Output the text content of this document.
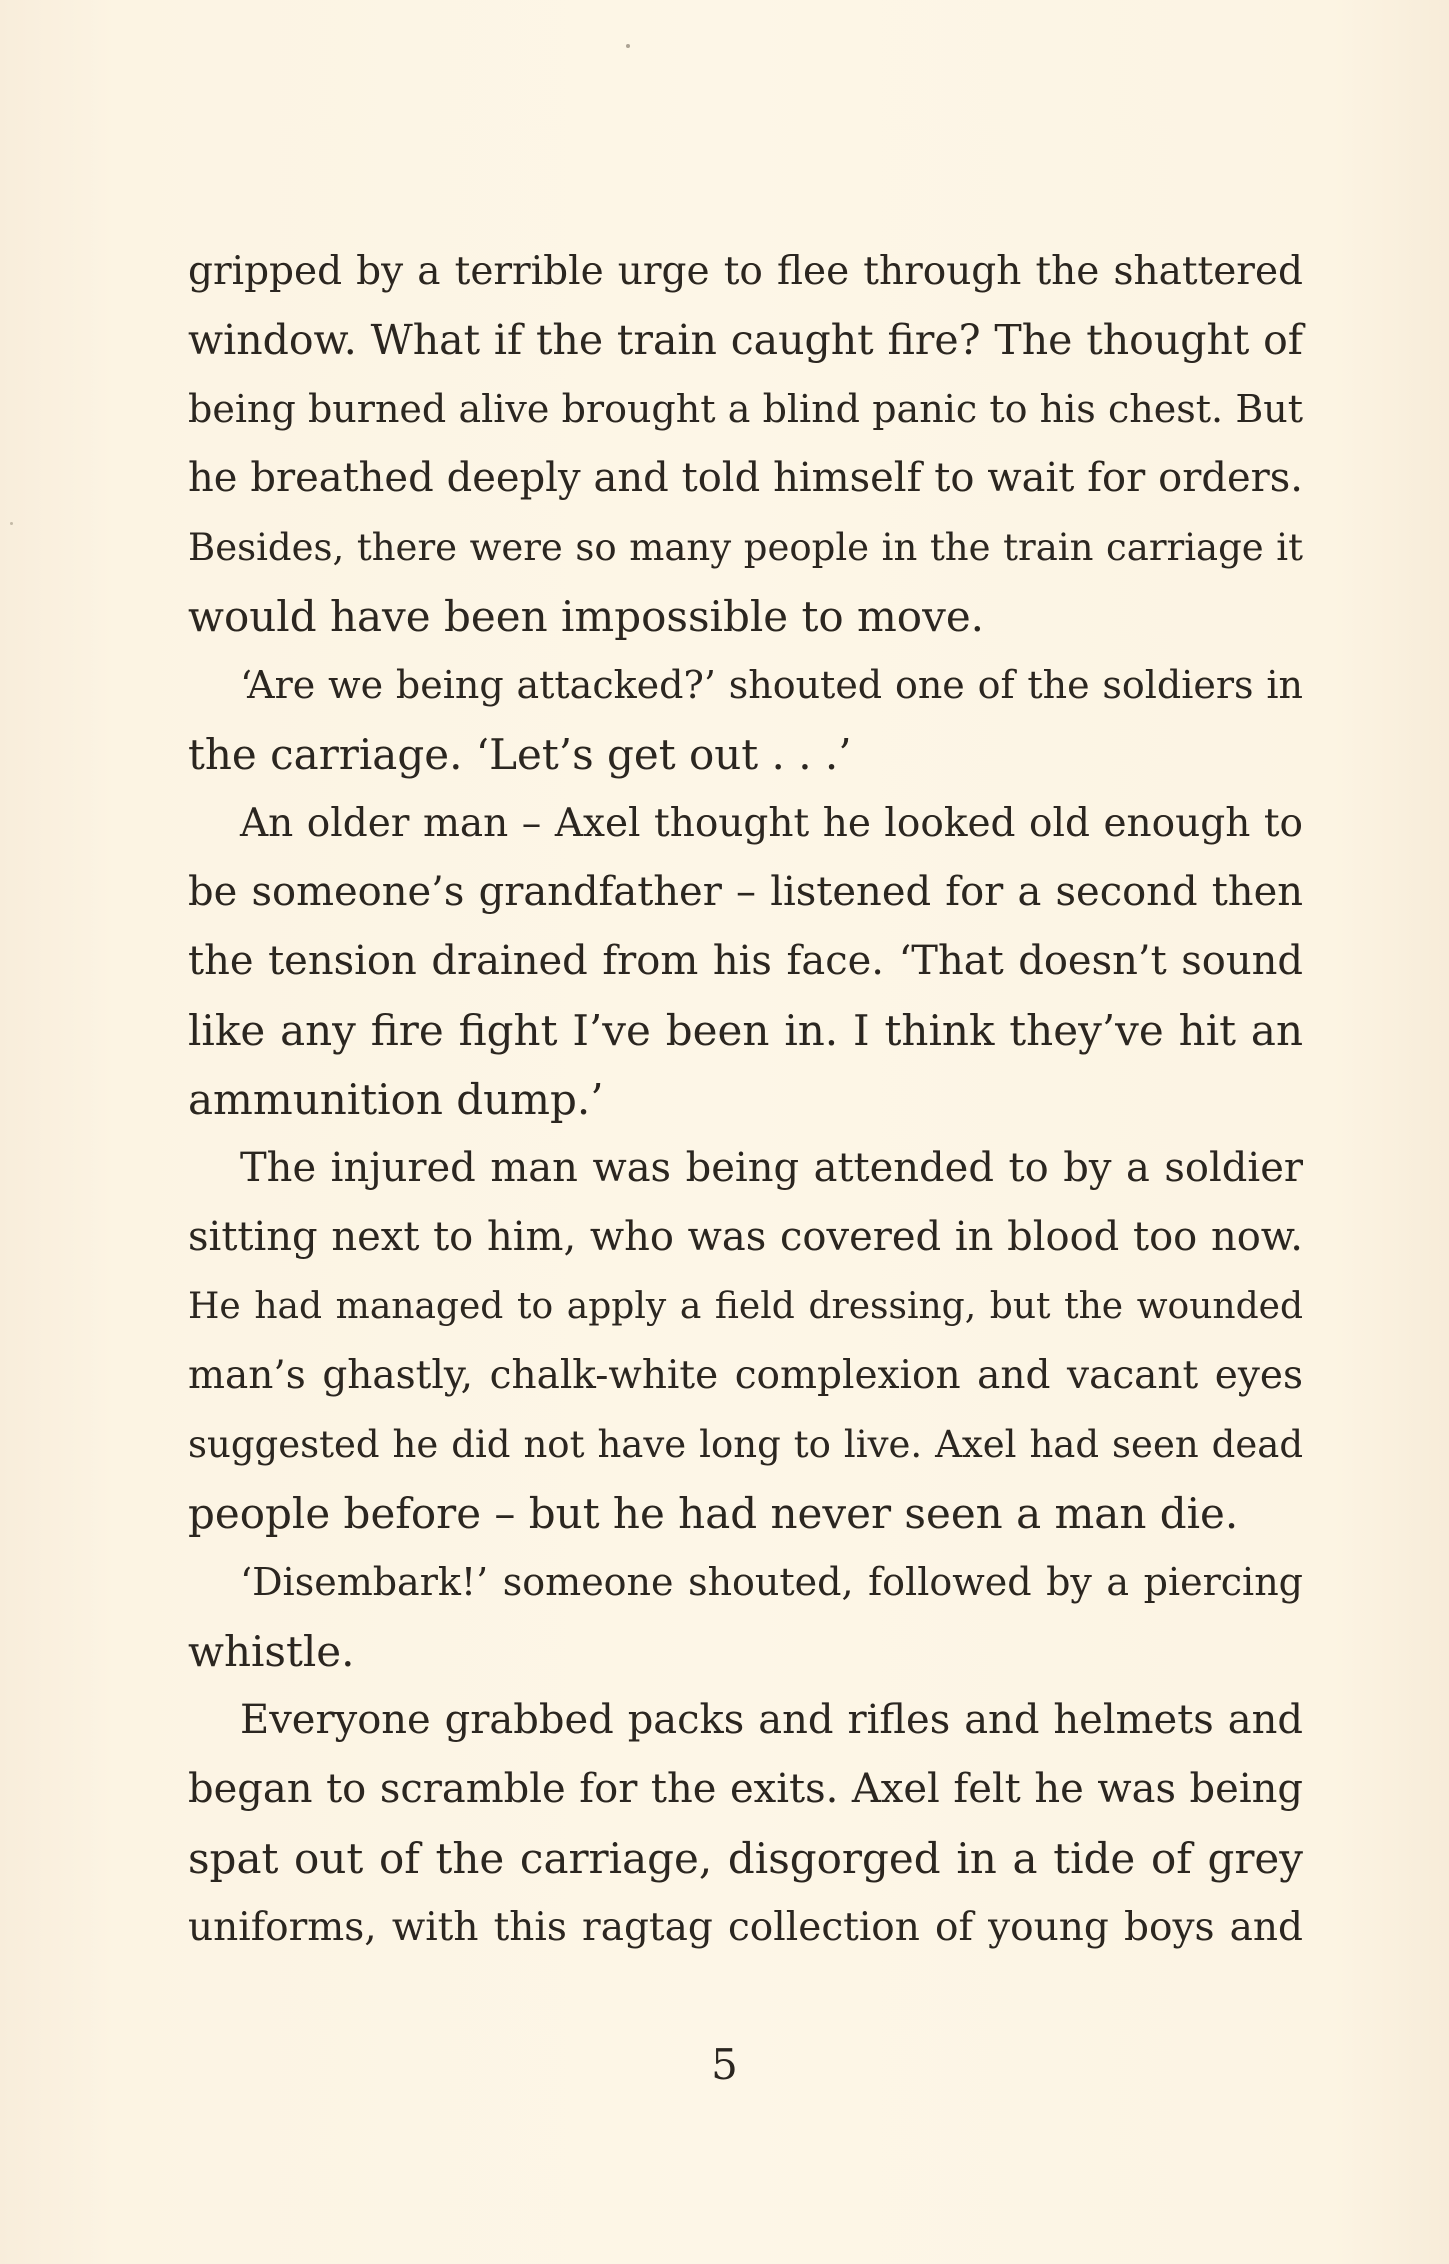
gripped by a terrible urge to flee through the shattered
window. What if the train caught fire? The thought of
being burned alive brought a blind panic to his chest. But
he breathed deeply and told himself to wait for orders.
Besides, there were so many people in the train carriage it
would have been impossible to move.
‘Are we being attacked?’ shouted one of the soldiers in
the carriage. ‘Let’s get out . . .’
An older man – Axel thought he looked old enough to
be someone’s grandfather – listened for a second then
the tension drained from his face. ‘That doesn’t sound
like any fire fight I’ve been in. I think they’ve hit an
ammunition dump.’
The injured man was being attended to by a soldier
sitting next to him, who was covered in blood too now.
He had managed to apply a field dressing, but the wounded
man’s ghastly, chalk-white complexion and vacant eyes
suggested he did not have long to live. Axel had seen dead
people before – but he had never seen a man die.
‘Disembark!’ someone shouted, followed by a piercing
whistle.
Everyone grabbed packs and rifles and helmets and
began to scramble for the exits. Axel felt he was being
spat out of the carriage, disgorged in a tide of grey
uniforms, with this ragtag collection of young boys and
5
